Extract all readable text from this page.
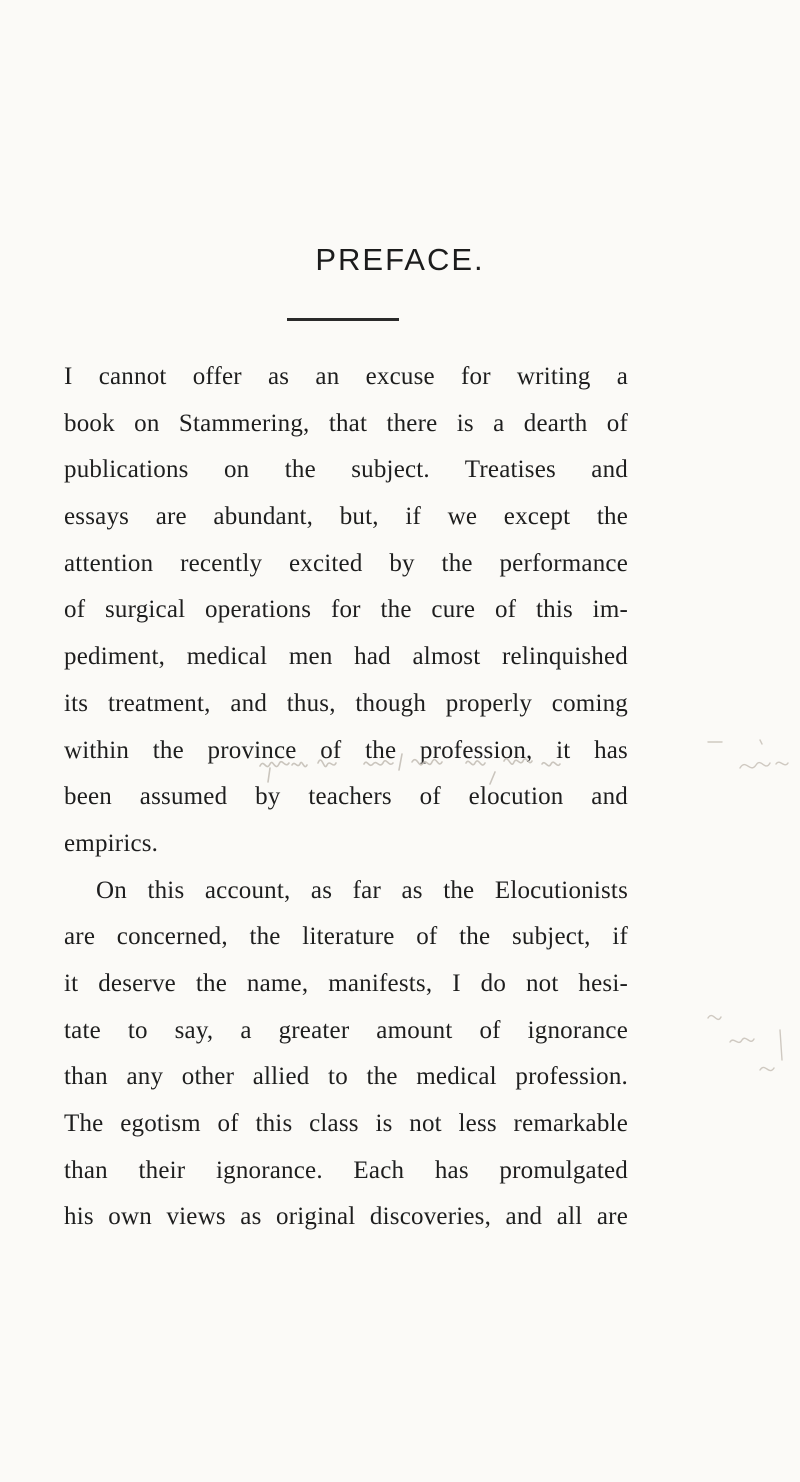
PREFACE.
I cannot offer as an excuse for writing a
book on Stammering, that there is a dearth of
publications on the subject. Treatises and
essays are abundant, but, if we except the
attention recently excited by the performance
of surgical operations for the cure of this im-
pediment, medical men had almost relinquished
its treatment, and thus, though properly coming
within the province of the profession, it has
been assumed by teachers of elocution and
empirics.
On this account, as far as the Elocutionists
are concerned, the literature of the subject, if
it deserve the name, manifests, I do not hesi-
tate to say, a greater amount of ignorance
than any other allied to the medical profession.
The egotism of this class is not less remarkable
than their ignorance. Each has promulgated
his own views as original discoveries, and all are
